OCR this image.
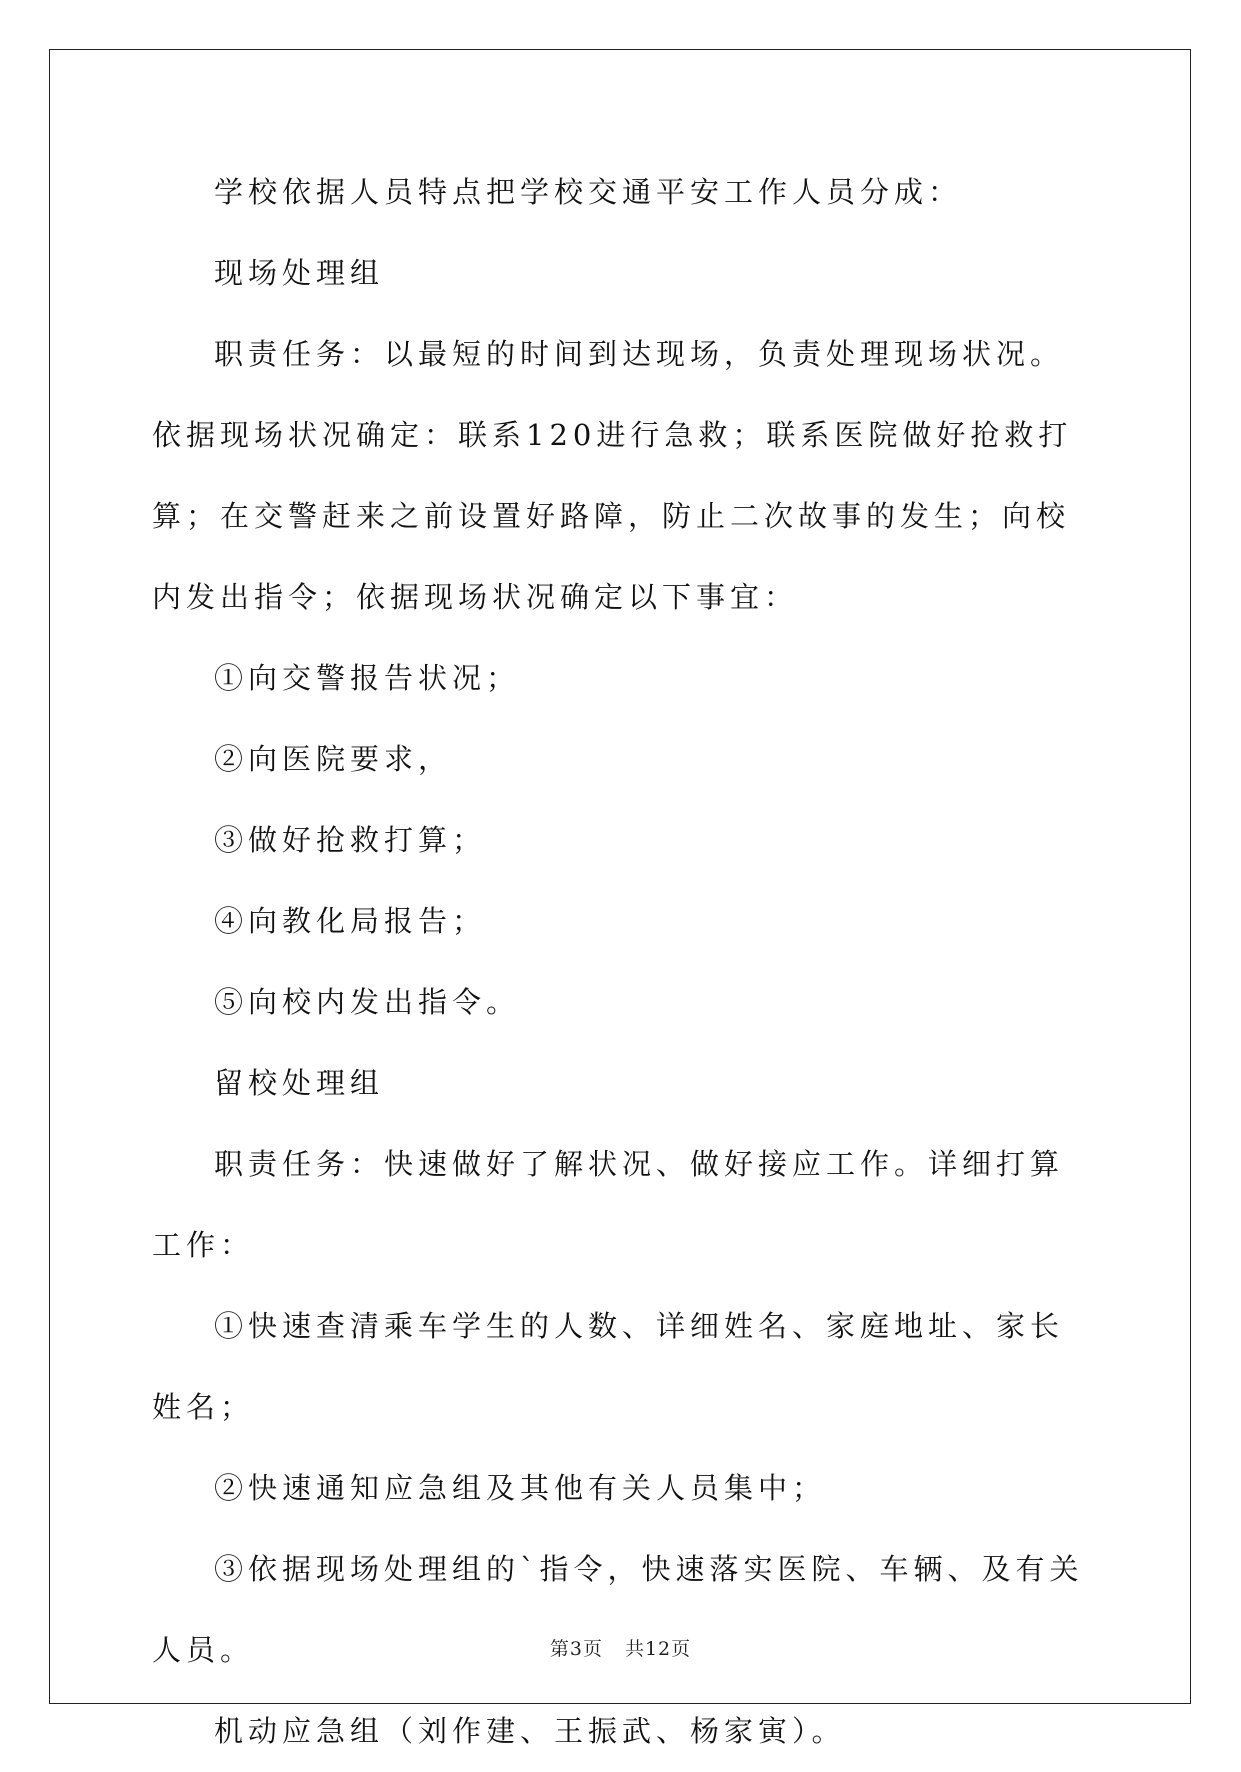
学校依据人员特点把学校交通平安工作人员分成：

现场处理组

职责任务：以最短的时间到达现场，负责处理现场状况。依据现场状况确定：联系120进行急救；联系医院做好抢救打算；在交警赶来之前设置好路障，防止二次故事的发生；向校内发出指令；依据现场状况确定以下事宜：

①向交警报告状况；

②向医院要求，

③做好抢救打算；

④向教化局报告；

⑤向校内发出指令。

留校处理组

职责任务：快速做好了解状况、做好接应工作。详细打算工作：

①快速查清乘车学生的人数、详细姓名、家庭地址、家长姓名；

②快速通知应急组及其他有关人员集中；

③依据现场处理组的`指令，快速落实医院、车辆、及有关人员。

机动应急组（刘作建、王振武、杨家寅）。

第3页 共12页
